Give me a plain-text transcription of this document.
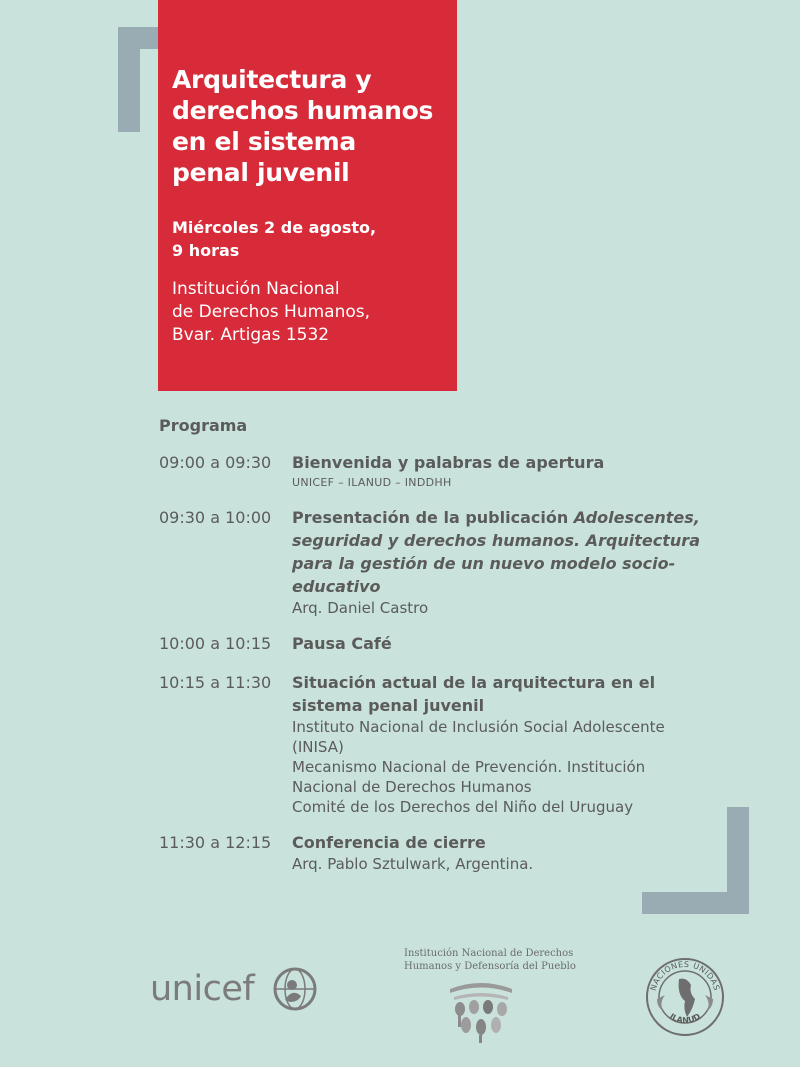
Arquitectura y
derechos humanos
en el sistema
penal juvenil
Miércoles 2 de agosto,
9 horas
Institución Nacional
de Derechos Humanos,
Bvar. Artigas 1532
Programa
09:00 a 09:30	Bienvenida y palabras de apertura
UNICEF – ILANUD – INDDHH
09:30 a 10:00	Presentación de la publicación Adolescentes,
seguridad y derechos humanos. Arquitectura
para la gestión de un nuevo modelo socio-
educativo
Arq. Daniel Castro
10:00 a 10:15	Pausa Café
10:15 a 11:30	Situación actual de la arquitectura en el
sistema penal juvenil
Instituto Nacional de Inclusión Social Adolescente
(INISA)
Mecanismo Nacional de Prevención. Institución
Nacional de Derechos Humanos
Comité de los Derechos del Niño del Uruguay
11:30 a 12:15	Conferencia de cierre
Arq. Pablo Sztulwark, Argentina.
unicef
Institución Nacional de Derechos
Humanos y Defensoría del Pueblo
NACIONES UNIDAS
ILANUD
